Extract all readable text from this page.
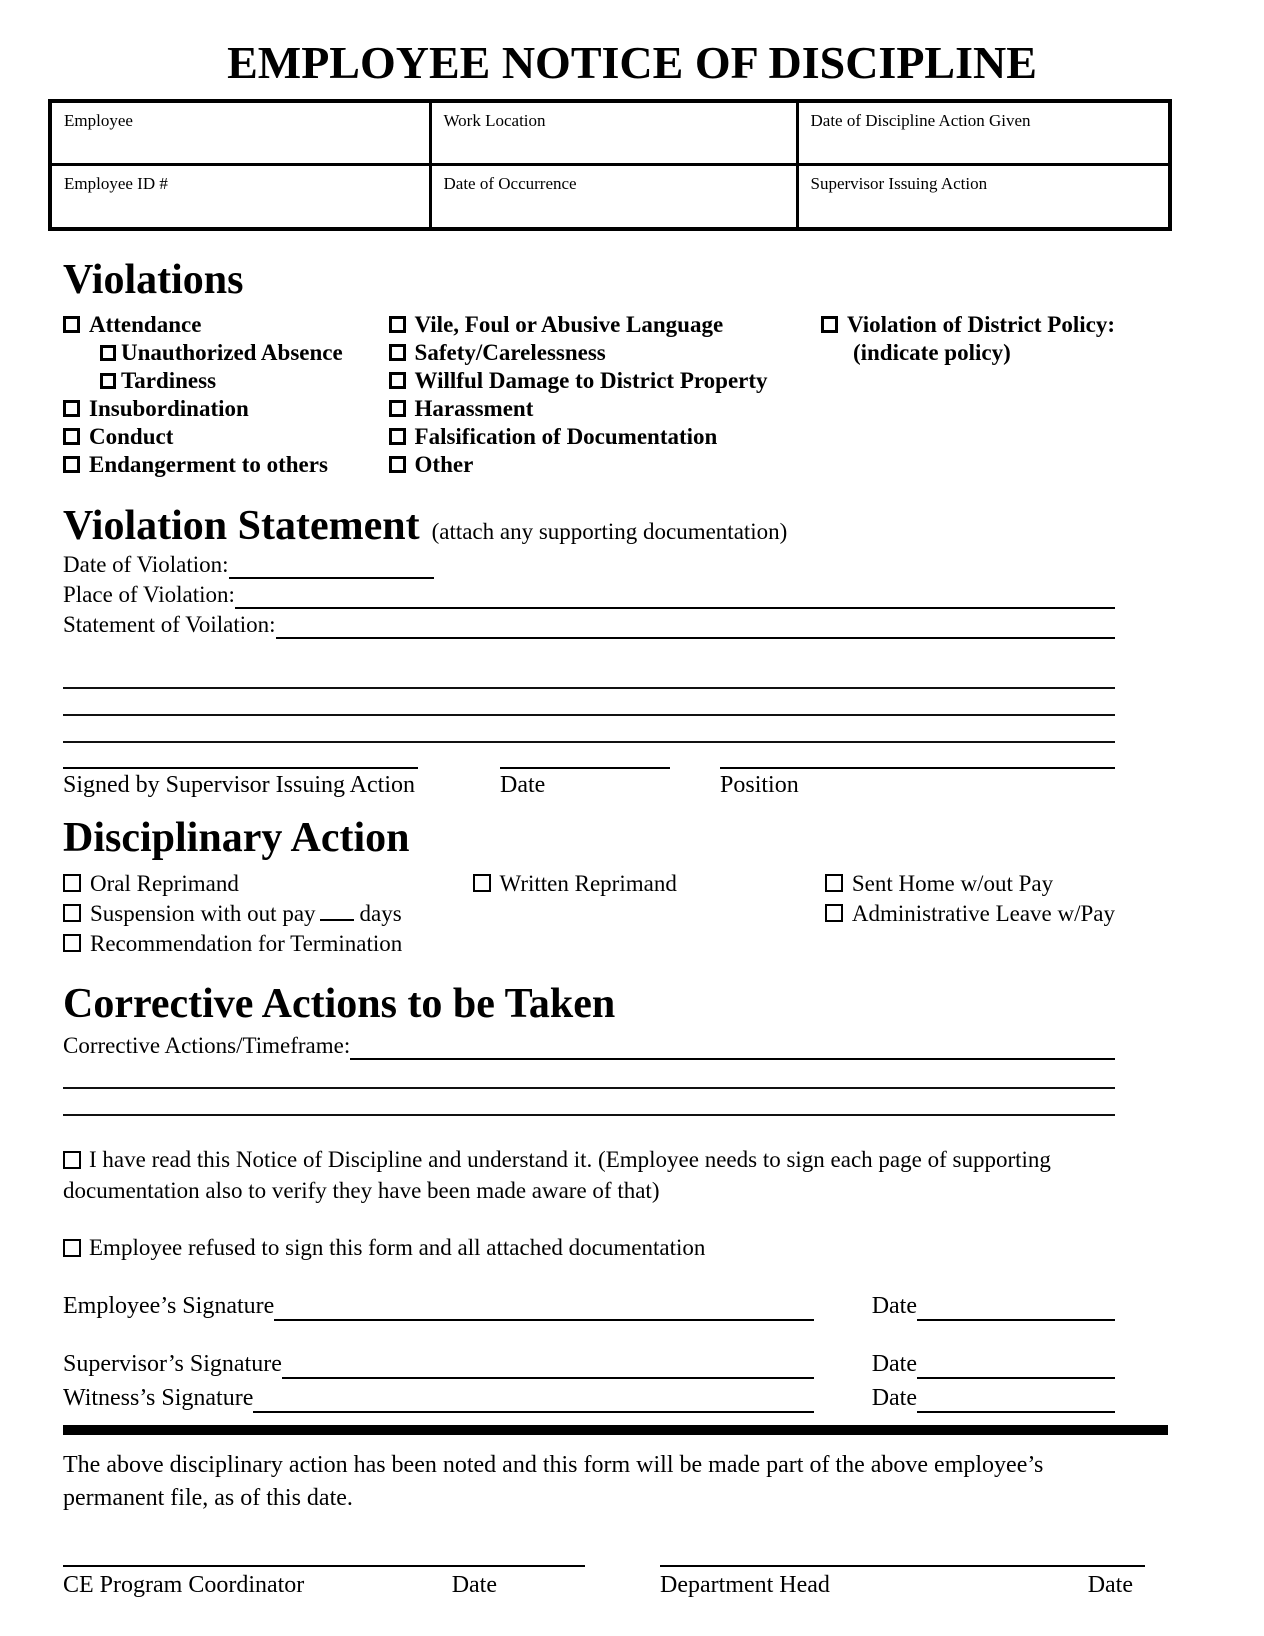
EMPLOYEE NOTICE OF DISCIPLINE
Employee	Work Location	Date of Discipline Action Given
Employee ID #	Date of Occurrence	Supervisor Issuing Action
Violations
Attendance
Unauthorized Absence
Tardiness
Insubordination
Conduct
Endangerment to others
Vile, Foul or Abusive Language
Safety/Carelessness
Willful Damage to District Property
Harassment
Falsification of Documentation
Other
Violation of District Policy:
(indicate policy)
Violation Statement (attach any supporting documentation)
Date of Violation:
Place of Violation:
Statement of Voilation:
Signed by Supervisor Issuing Action	Date	Position
Disciplinary Action
Oral Reprimand
Suspension with out pay days
Recommendation for Termination
Written Reprimand	Sent Home w/out Pay
Administrative Leave w/Pay
Corrective Actions to be Taken
Corrective Actions/Timeframe:

I have read this Notice of Discipline and understand it. (Employee needs to sign each page of supporting documentation also to verify they have been made aware of that)

Employee refused to sign this form and all attached documentation

Employee’s Signature	Date
Supervisor’s Signature	Date
Witness’s Signature	Date

The above disciplinary action has been noted and this form will be made part of the above employee’s permanent file, as of this date.

CE Program Coordinator	Date	Department Head	Date
